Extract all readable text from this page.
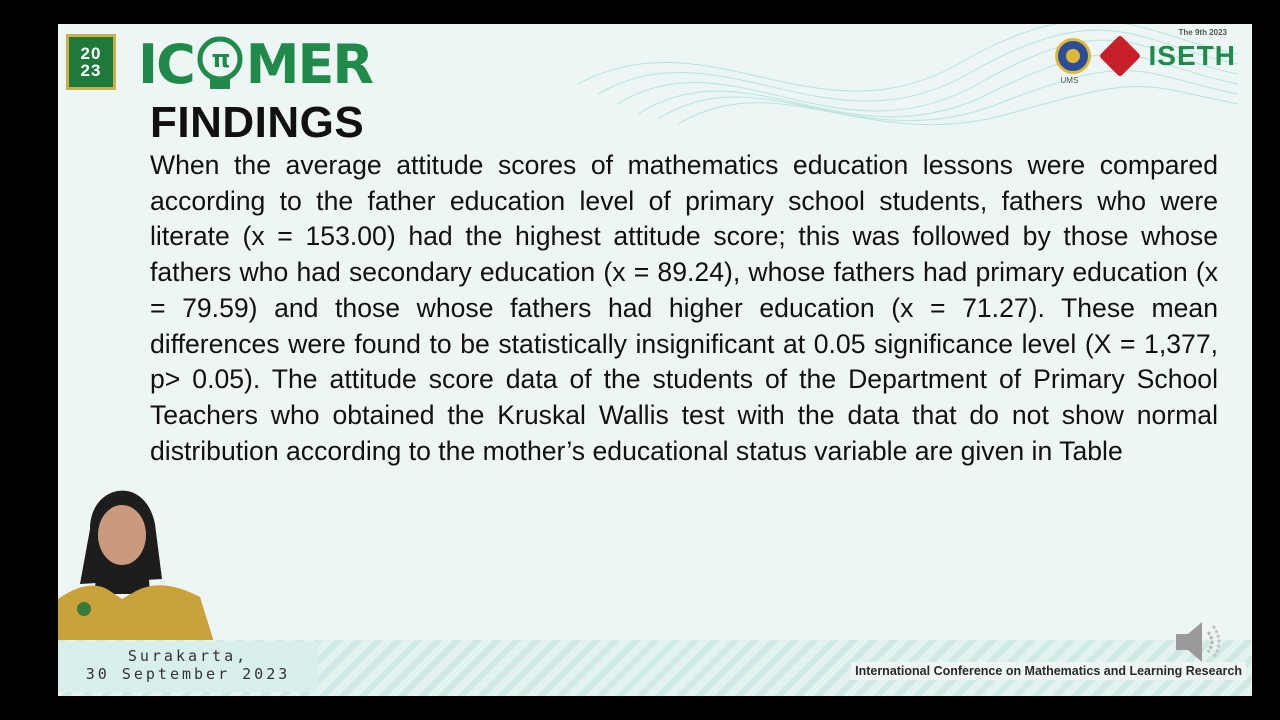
20
23 IC π MER	UMS
The 9th 2023
ISETH
FINDINGS

When the average attitude scores of mathematics education lessons were compared according to the father education level of primary school students, fathers who were literate (x = 153.00) had the highest attitude score; this was followed by those whose fathers who had secondary education (x = 89.24), whose fathers had primary education (x = 79.59) and those whose fathers had higher education (x = 71.27). These mean differences were found to be statistically insignificant at 0.05 significance level (X = 1,377, p> 0.05). The attitude score data of the students of the Department of Primary School Teachers who obtained the Kruskal Wallis test with the data that do not show normal distribution according to the mother’s educational status variable are given in Table

Surakarta,
30 September 2023	International Conference on Mathematics and Learning Research
